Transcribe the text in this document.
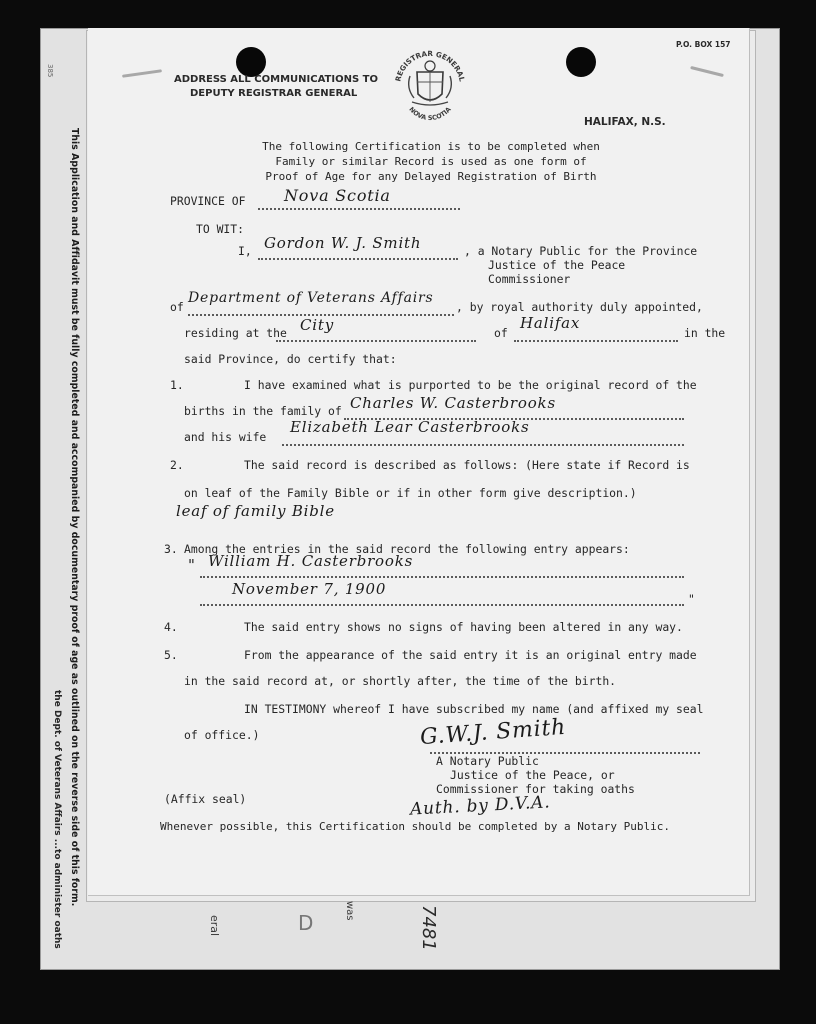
385
This Application and Affidavit must be fully completed and accompanied by documentary proof of age as outlined on the reverse side of this form.
the Dept. of Veterans Affairs ...to administer oaths
P.O. BOX 157
ADDRESS ALL COMMUNICATIONS TO
DEPUTY REGISTRAR GENERAL
HALIFAX, N.S.
REGISTRAR GENERAL
NOVA SCOTIA
The following Certification is to be completed when
Family or similar Record is used as one form of
Proof of Age for any Delayed Registration of Birth
PROVINCE OF Nova Scotia
TO WIT:
I, Gordon W. J. Smith	, a Notary Public for the Province
Justice of the Peace
Commissioner
of
Department of Veterans Affairs
, by royal authority duly appointed,
residing at the City	of
Halifax
in the
said Province, do certify that:
1.	I have examined what is purported to be the original record of the
births in the family of Charles W. Casterbrooks
and his wife
Elizabeth Lear Casterbrooks
2.	The said record is described as follows: (Here state if Record is
on leaf of the Family Bible or if in other form give description.)
leaf of family Bible
3. Among the entries in the said record the following entry appears:
" William H. Casterbrooks
November 7, 1900
"
4.	The said entry shows no signs of having been altered in any way.
5.	From the appearance of the said entry it is an original entry made
in the said record at, or shortly after, the time of the birth.
IN TESTIMONY whereof I have subscribed my name (and affixed my seal
of office.)	G.W.J. Smith
A Notary Public
Justice of the Peace, or
Commissioner for taking oaths
Auth. by D.V.A.
(Affix seal)
Whenever possible, this Certification should be completed by a Notary Public.
was
eral	D	7481
